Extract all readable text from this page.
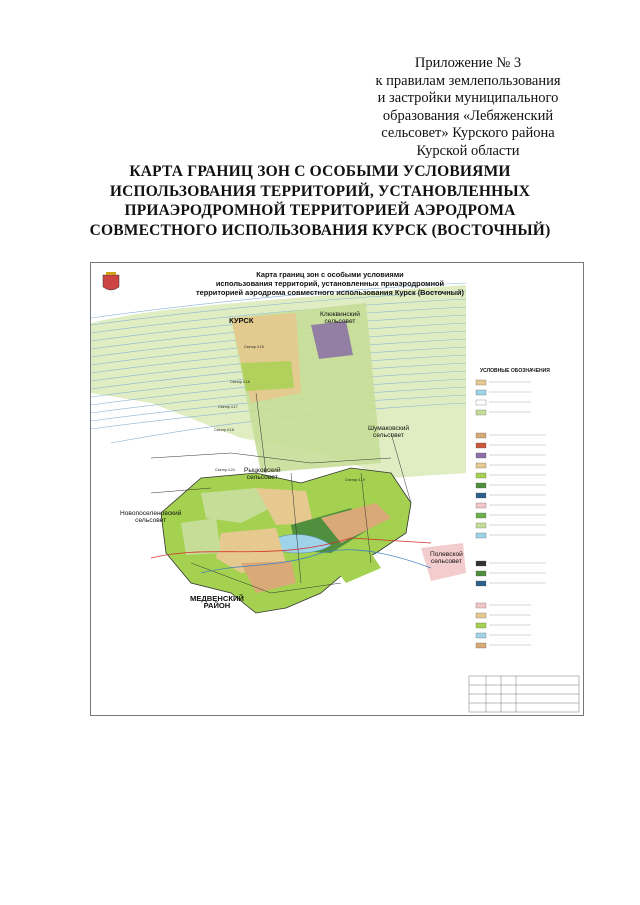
Приложение № 3
к правилам землепользования
и застройки муниципального
образования «Лебяженский
сельсовет» Курского района
Курской области
КАРТА ГРАНИЦ ЗОН С ОСОБЫМИ УСЛОВИЯМИ
ИСПОЛЬЗОВАНИЯ ТЕРРИТОРИЙ, УСТАНОВЛЕННЫХ
ПРИАЭРОДРОМНОЙ ТЕРРИТОРИЕЙ АЭРОДРОМА
СОВМЕСТНОГО ИСПОЛЬЗОВАНИЯ КУРСК (ВОСТОЧНЫЙ)
Карта границ зон с особыми условиями
использования территорий, установленных приаэродромной
территорией аэродрома совместного использования Курск (Восточный)
КУРСК
Клюквинский
сельсовет
Шумаковский
сельсовет
Рыцковский
сельсовет
Новопоселеновский
сельсовет
Полевской
сельсовет
МЕДВЕНСКИЙ
РАЙОН
Сектор 4.15
Сектор 4.16
Сектор 4.17
Сектор 4.18
Сектор 4.24
Сектор 4.19
УСЛОВНЫЕ ОБОЗНАЧЕНИЯ
